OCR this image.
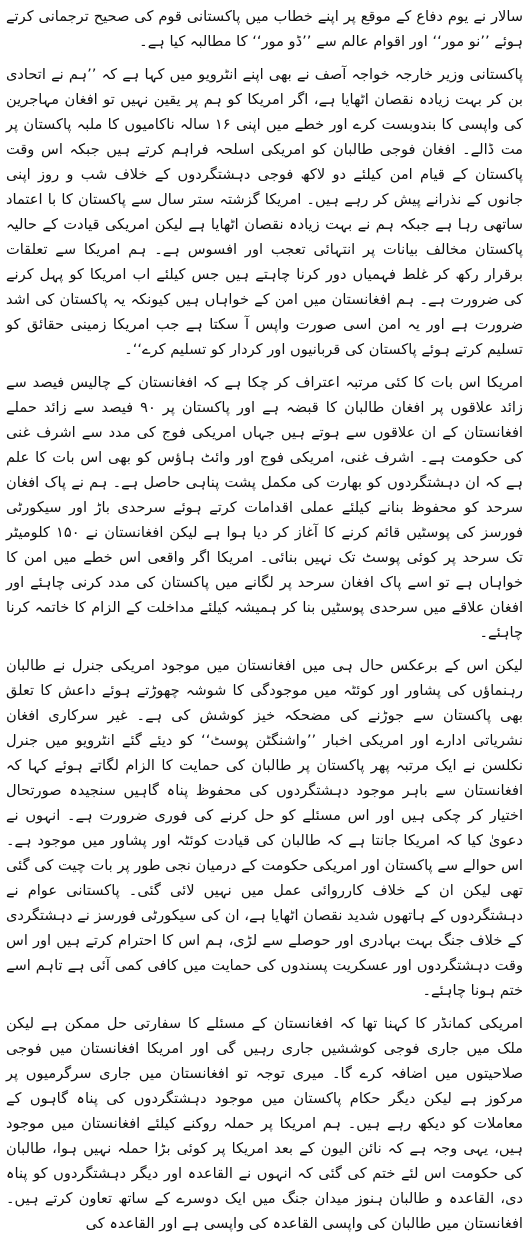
سالار نے یوم دفاع کے موقع پر اپنے خطاب میں پاکستانی قوم کی صحیح ترجمانی کرتے ہوئے ’’نو مور‘‘ اور اقوام عالم سے ’’ڈو مور‘‘ کا مطالبہ کیا ہے۔

پاکستانی وزیر خارجہ خواجہ آصف نے بھی اپنے انٹرویو میں کہا ہے کہ ’’ہم نے اتحادی بن کر بہت زیادہ نقصان اٹھایا ہے، اگر امریکا کو ہم پر یقین نہیں تو افغان مہاجرین کی واپسی کا بندوبست کرے اور خطے میں اپنی ۱۶ سالہ ناکامیوں کا ملبہ پاکستان پر مت ڈالے۔ افغان فوجی طالبان کو امریکی اسلحہ فراہم کرتے ہیں جبکہ اس وقت پاکستان کے قیام امن کیلئے دو لاکھ فوجی دہشتگردوں کے خلاف شب و روز اپنی جانوں کے نذرانے پیش کر رہے ہیں۔ امریکا گزشتہ ستر سال سے پاکستان کا با اعتماد ساتھی رہا ہے جبکہ ہم نے بہت زیادہ نقصان اٹھایا ہے لیکن امریکی قیادت کے حالیہ پاکستان مخالف بیانات پر انتہائی تعجب اور افسوس ہے۔ ہم امریکا سے تعلقات برقرار رکھ کر غلط فہمیاں دور کرنا چاہتے ہیں جس کیلئے اب امریکا کو پہل کرنے کی ضرورت ہے۔ ہم افغانستان میں امن کے خواہاں ہیں کیونکہ یہ پاکستان کی اشد ضرورت ہے اور یہ امن اسی صورت واپس آ سکتا ہے جب امریکا زمینی حقائق کو تسلیم کرتے ہوئے پاکستان کی قربانیوں اور کردار کو تسلیم کرے‘‘۔

امریکا اس بات کا کئی مرتبہ اعتراف کر چکا ہے کہ افغانستان کے چالیس فیصد سے زائد علاقوں پر افغان طالبان کا قبضہ ہے اور پاکستان پر ۹۰ فیصد سے زائد حملے افغانستان کے ان علاقوں سے ہوتے ہیں جہاں امریکی فوج کی مدد سے اشرف غنی کی حکومت ہے۔ اشرف غنی، امریکی فوج اور وائٹ ہاؤس کو بھی اس بات کا علم ہے کہ ان دہشتگردوں کو بھارت کی مکمل پشت پناہی حاصل ہے۔ ہم نے پاک افغان سرحد کو محفوظ بنانے کیلئے عملی اقدامات کرتے ہوئے سرحدی باڑ اور سیکورٹی فورسز کی پوسٹیں قائم کرنے کا آغاز کر دیا ہوا ہے لیکن افغانستان نے ۱۵۰ کلومیٹر تک سرحد پر کوئی پوسٹ تک نہیں بنائی۔ امریکا اگر واقعی اس خطے میں امن کا خواہاں ہے تو اسے پاک افغان سرحد پر لگانے میں پاکستان کی مدد کرنی چاہئے اور افغان علاقے میں سرحدی پوسٹیں بنا کر ہمیشہ کیلئے مداخلت کے الزام کا خاتمہ کرنا چاہئے۔

لیکن اس کے برعکس حال ہی میں افغانستان میں موجود امریکی جنرل نے طالبان رہنماؤں کی پشاور اور کوئٹہ میں موجودگی کا شوشہ چھوڑتے ہوئے داعش کا تعلق بھی پاکستان سے جوڑنے کی مضحکہ خیز کوشش کی ہے۔ غیر سرکاری افغان نشریاتی ادارے اور امریکی اخبار ’’واشنگٹن پوسٹ‘‘ کو دیئے گئے انٹرویو میں جنرل نکلسن نے ایک مرتبہ پھر پاکستان پر طالبان کی حمایت کا الزام لگاتے ہوئے کہا کہ افغانستان سے باہر موجود دہشتگردوں کی محفوظ پناہ گاہیں سنجیدہ صورتحال اختیار کر چکی ہیں اور اس مسئلے کو حل کرنے کی فوری ضرورت ہے۔ انہوں نے دعویٰ کیا کہ امریکا جانتا ہے کہ طالبان کی قیادت کوئٹہ اور پشاور میں موجود ہے۔ اس حوالے سے پاکستان اور امریکی حکومت کے درمیان نجی طور پر بات چیت کی گئی تھی لیکن ان کے خلاف کارروائی عمل میں نہیں لائی گئی۔ پاکستانی عوام نے دہشتگردوں کے ہاتھوں شدید نقصان اٹھایا ہے، ان کی سیکورٹی فورسز نے دہشتگردی کے خلاف جنگ بہت بہادری اور حوصلے سے لڑی، ہم اس کا احترام کرتے ہیں اور اس وقت دہشتگردوں اور عسکریت پسندوں کی حمایت میں کافی کمی آئی ہے تاہم اسے ختم ہونا چاہئے۔

امریکی کمانڈر کا کہنا تھا کہ افغانستان کے مسئلے کا سفارتی حل ممکن ہے لیکن ملک میں جاری فوجی کوششیں جاری رہیں گی اور امریکا افغانستان میں فوجی صلاحیتوں میں اضافہ کرے گا۔ میری توجہ تو افغانستان میں جاری سرگرمیوں پر مرکوز ہے لیکن دیگر حکام پاکستان میں موجود دہشتگردوں کی پناہ گاہوں کے معاملات کو دیکھ رہے ہیں۔ ہم امریکا پر حملہ روکنے کیلئے افغانستان میں موجود ہیں، یہی وجہ ہے کہ نائن الیون کے بعد امریکا پر کوئی بڑا حملہ نہیں ہوا، طالبان کی حکومت اس لئے ختم کی گئی کہ انہوں نے القاعدہ اور دیگر دہشتگردوں کو پناہ دی، القاعدہ و طالبان ہنوز میدان جنگ میں ایک دوسرے کے ساتھ تعاون کرتے ہیں۔ افغانستان میں طالبان کی واپسی القاعدہ کی واپسی ہے اور القاعدہ کی
